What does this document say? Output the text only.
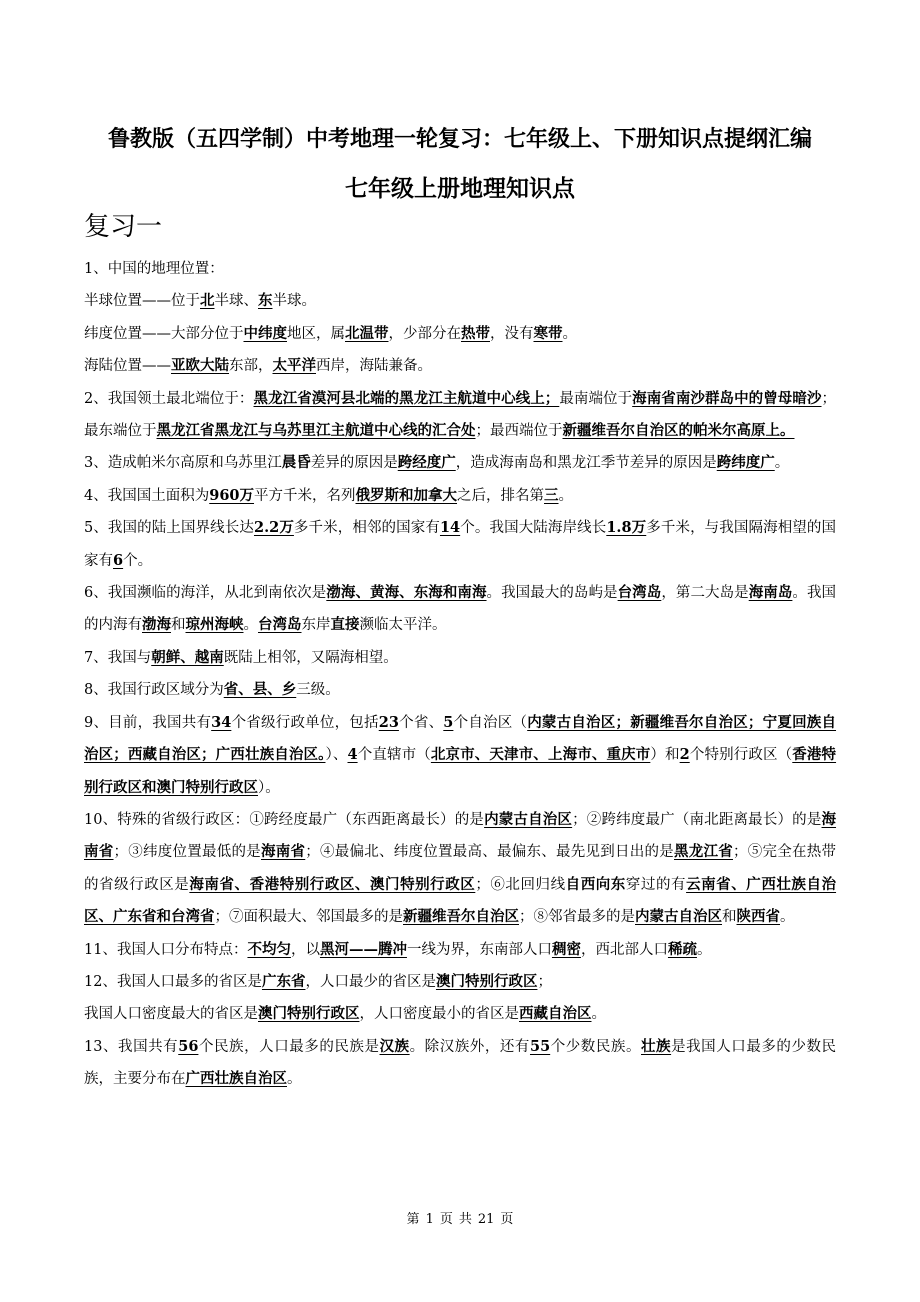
鲁教版（五四学制）中考地理一轮复习：七年级上、下册知识点提纲汇编
七年级上册地理知识点
复习一

1、中国的地理位置：

半球位置——位于北半球、东半球。

纬度位置——大部分位于中纬度地区，属北温带，少部分在热带，没有寒带。

海陆位置——亚欧大陆东部，太平洋西岸，海陆兼备。

2、我国领土最北端位于：黑龙江省漠河县北端的黑龙江主航道中心线上；最南端位于海南省南沙群岛中的曾母暗沙；最东端位于黑龙江省黑龙江与乌苏里江主航道中心线的汇合处；最西端位于新疆维吾尔自治区的帕米尔高原上。

3、造成帕米尔高原和乌苏里江晨昏差异的原因是跨经度广，造成海南岛和黑龙江季节差异的原因是跨纬度广。

4、我国国土面积为960万平方千米，名列俄罗斯和加拿大之后，排名第三。

5、我国的陆上国界线长达2.2万多千米，相邻的国家有14个。我国大陆海岸线长1.8万多千米，与我国隔海相望的国家有6个。

6、我国濒临的海洋，从北到南依次是渤海、黄海、东海和南海。我国最大的岛屿是台湾岛，第二大岛是海南岛。我国的内海有渤海和琼州海峡。台湾岛东岸直接濒临太平洋。

7、我国与朝鲜、越南既陆上相邻，又隔海相望。

8、我国行政区域分为省、县、乡三级。

9、目前，我国共有34个省级行政单位，包括23个省、5个自治区（内蒙古自治区；新疆维吾尔自治区；宁夏回族自治区；西藏自治区；广西壮族自治区。）、4个直辖市（北京市、天津市、上海市、重庆市）和2个特别行政区（香港特别行政区和澳门特别行政区）。

10、特殊的省级行政区：①跨经度最广（东西距离最长）的是内蒙古自治区；②跨纬度最广（南北距离最长）的是海南省；③纬度位置最低的是海南省；④最偏北、纬度位置最高、最偏东、最先见到日出的是黑龙江省；⑤完全在热带的省级行政区是海南省、香港特别行政区、澳门特别行政区；⑥北回归线自西向东穿过的有云南省、广西壮族自治区、广东省和台湾省；⑦面积最大、邻国最多的是新疆维吾尔自治区；⑧邻省最多的是内蒙古自治区和陕西省。

11、我国人口分布特点：不均匀，以黑河——腾冲一线为界，东南部人口稠密，西北部人口稀疏。

12、我国人口最多的省区是广东省，人口最少的省区是澳门特别行政区；

我国人口密度最大的省区是澳门特别行政区，人口密度最小的省区是西藏自治区。

13、我国共有56个民族，人口最多的民族是汉族。除汉族外，还有55个少数民族。壮族是我国人口最多的少数民族，主要分布在广西壮族自治区。

第 1 页 共 21 页
